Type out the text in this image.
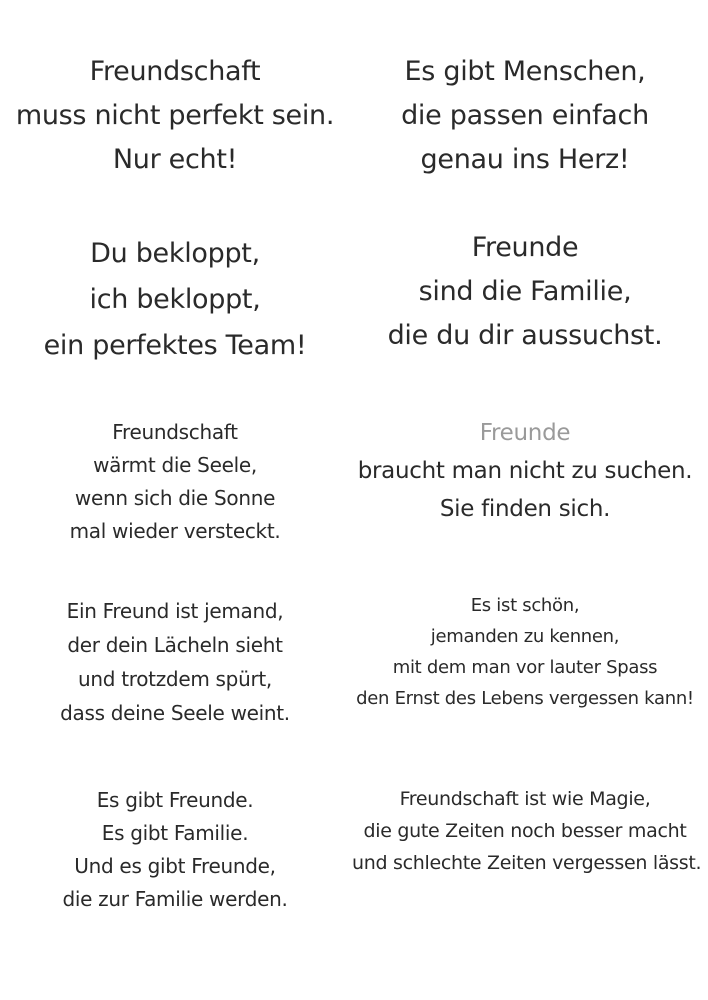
Freundschaft
muss nicht perfekt sein.
Nur echt!
Es gibt Menschen,
die passen einfach
genau ins Herz!
Du bekloppt,
ich bekloppt,
ein perfektes Team!
Freunde
sind die Familie,
die du dir aussuchst.
Freundschaft
wärmt die Seele,
wenn sich die Sonne
mal wieder versteckt.
Freunde
braucht man nicht zu suchen.
Sie finden sich.
Ein Freund ist jemand,
der dein Lächeln sieht
und trotzdem spürt,
dass deine Seele weint.
Es ist schön,
jemanden zu kennen,
mit dem man vor lauter Spass
den Ernst des Lebens vergessen kann!
Es gibt Freunde.
Es gibt Familie.
Und es gibt Freunde,
die zur Familie werden.
Freundschaft ist wie Magie,
die gute Zeiten noch besser macht
und schlechte Zeiten vergessen lässt.
